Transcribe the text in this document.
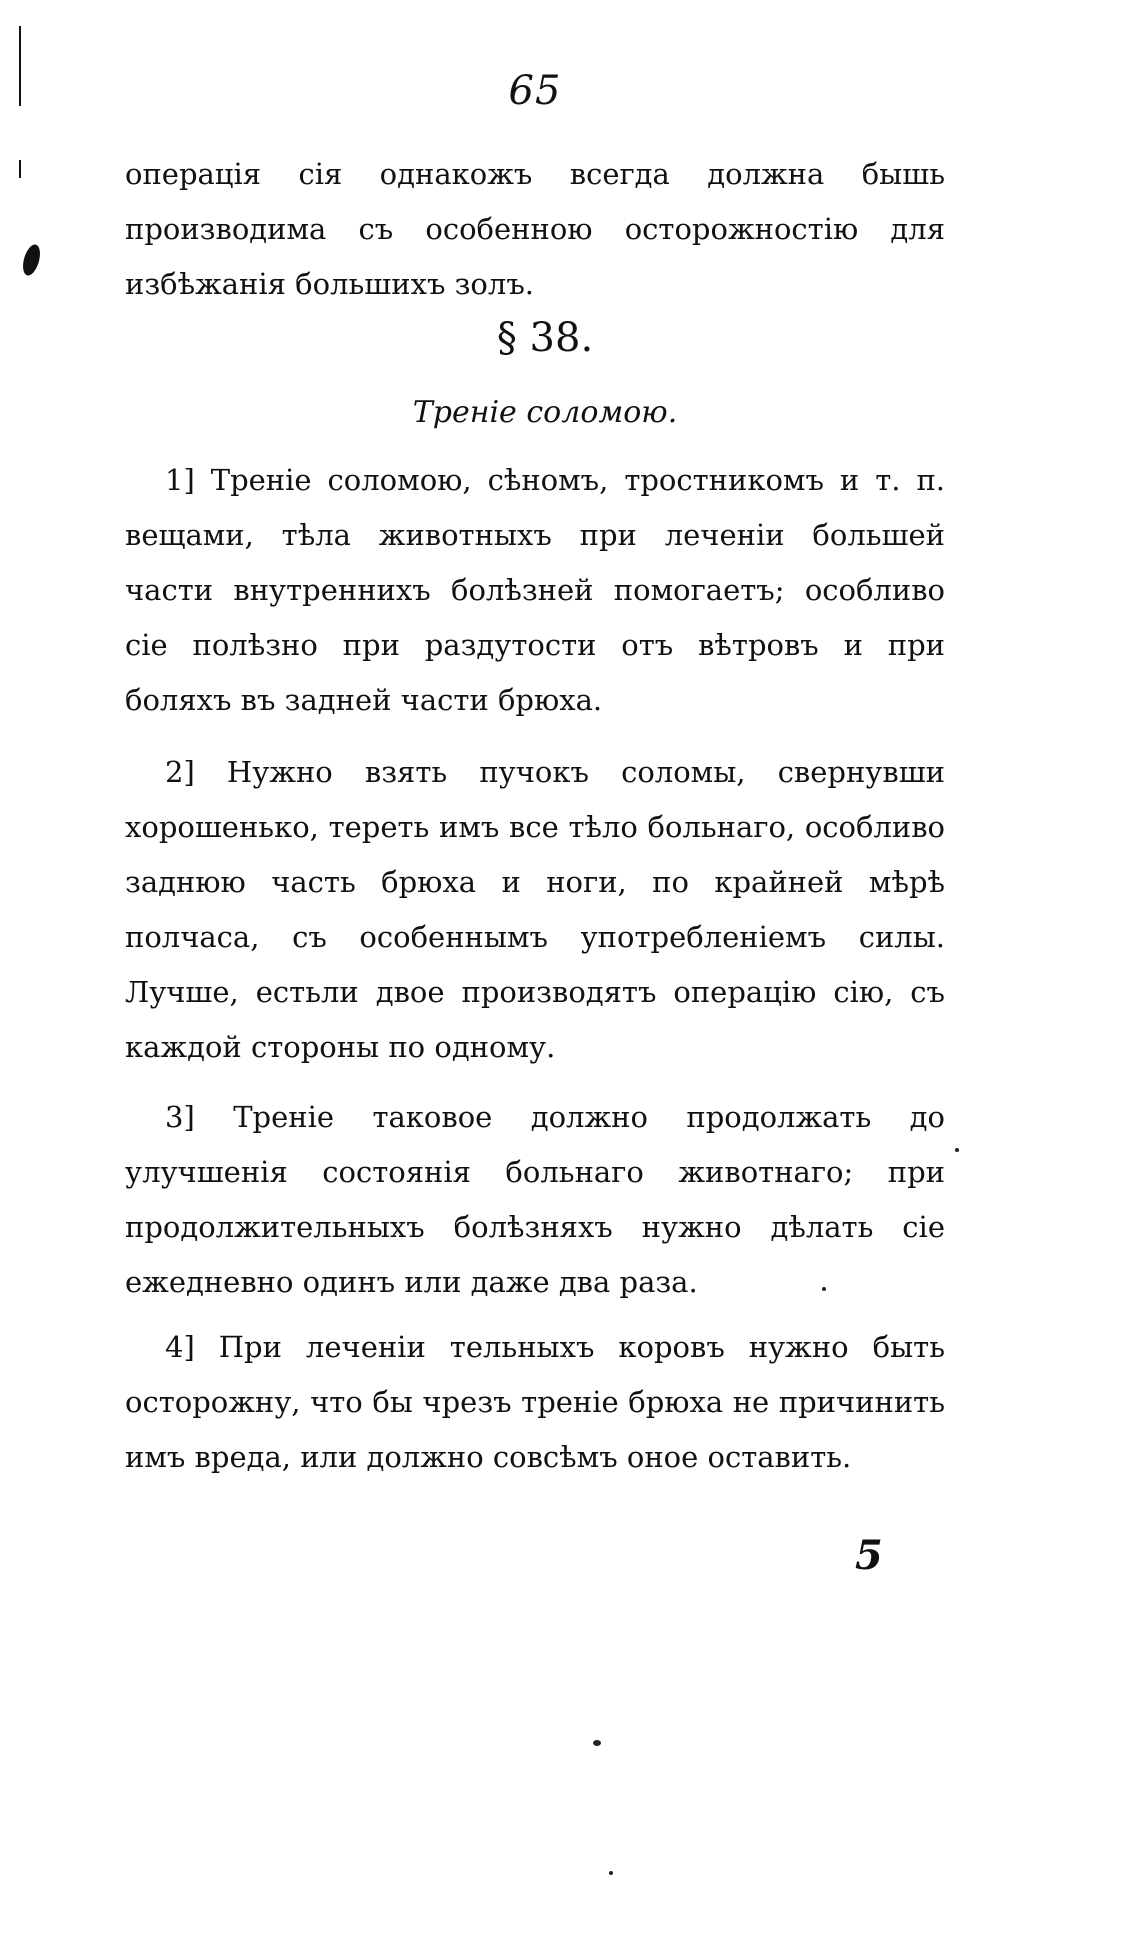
65

операція сія однакожъ всегда должна бышь производима съ особенною осторожностію для избѣжанія большихъ золъ.

§ 38.
Треніе соломою.

1] Треніе соломою, сѣномъ, тростникомъ и т. п. вещами, тѣла животныхъ при леченіи большей части внутреннихъ болѣзней помогаетъ; особливо сіе полѣзно при раздутости отъ вѣтровъ и при боляхъ въ задней части брюха.

2] Нужно взять пучокъ соломы, свернувши хорошенько, тереть имъ все тѣло больнаго, особливо заднюю часть брюха и ноги, по крайней мѣрѣ полчаса, съ особеннымъ употребленіемъ силы. Лучше, естьли двое производятъ операцію сію, съ каждой стороны по одному.

3] Треніе таковое должно продолжать до улучшенія состоянія больнаго животнаго; при продолжительныхъ болѣзняхъ нужно дѣлать сіе ежедневно одинъ или даже два раза.

4] При леченіи тельныхъ коровъ нужно быть осторожну, что бы чрезъ треніе брюха не причинить имъ вреда, или должно совсѣмъ оное оставить.

5
